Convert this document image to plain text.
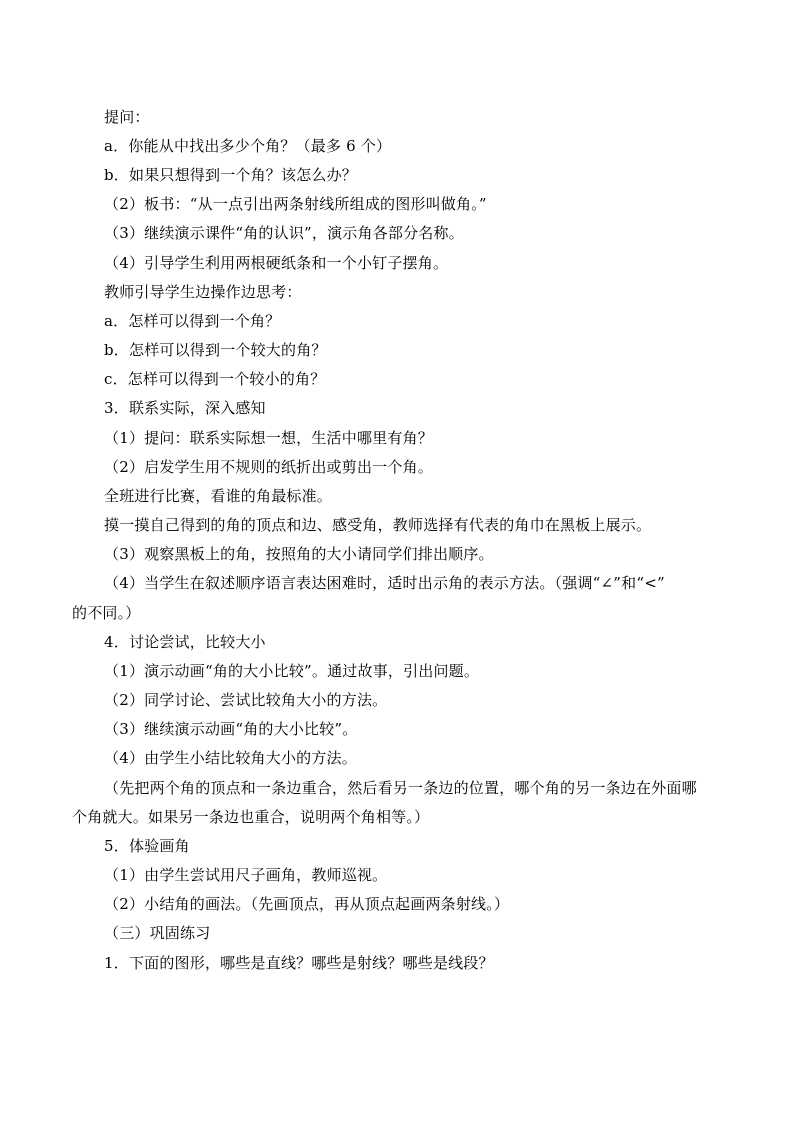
提问：
a．你能从中找出多少个角？（最多 6 个）
b．如果只想得到一个角？该怎么办？
（2）板书：“从一点引出两条射线所组成的图形叫做角。”
（3）继续演示课件“角的认识”，演示角各部分名称。
（4）引导学生利用两根硬纸条和一个小钉子摆角。
教师引导学生边操作边思考：
a．怎样可以得到一个角？
b．怎样可以得到一个较大的角？
c．怎样可以得到一个较小的角？
3．联系实际，深入感知
（1）提问：联系实际想一想，生活中哪里有角？
（2）启发学生用不规则的纸折出或剪出一个角。
全班进行比赛，看谁的角最标准。
摸一摸自己得到的角的顶点和边、感受角，教师选择有代表的角巾在黑板上展示。
（3）观察黑板上的角，按照角的大小请同学们排出顺序。
（4）当学生在叙述顺序语言表达困难时，适时出示角的表示方法。（强调“∠”和“<”
的不同。）
4．讨论尝试，比较大小
（1）演示动画“角的大小比较”。通过故事，引出问题。
（2）同学讨论、尝试比较角大小的方法。
（3）继续演示动画“角的大小比较”。
（4）由学生小结比较角大小的方法。
（先把两个角的顶点和一条边重合，然后看另一条边的位置，哪个角的另一条边在外面哪
个角就大。如果另一条边也重合，说明两个角相等。）
5．体验画角
（1）由学生尝试用尺子画角，教师巡视。
（2）小结角的画法。（先画顶点，再从顶点起画两条射线。）
（三）巩固练习
1．下面的图形，哪些是直线？哪些是射线？哪些是线段？
